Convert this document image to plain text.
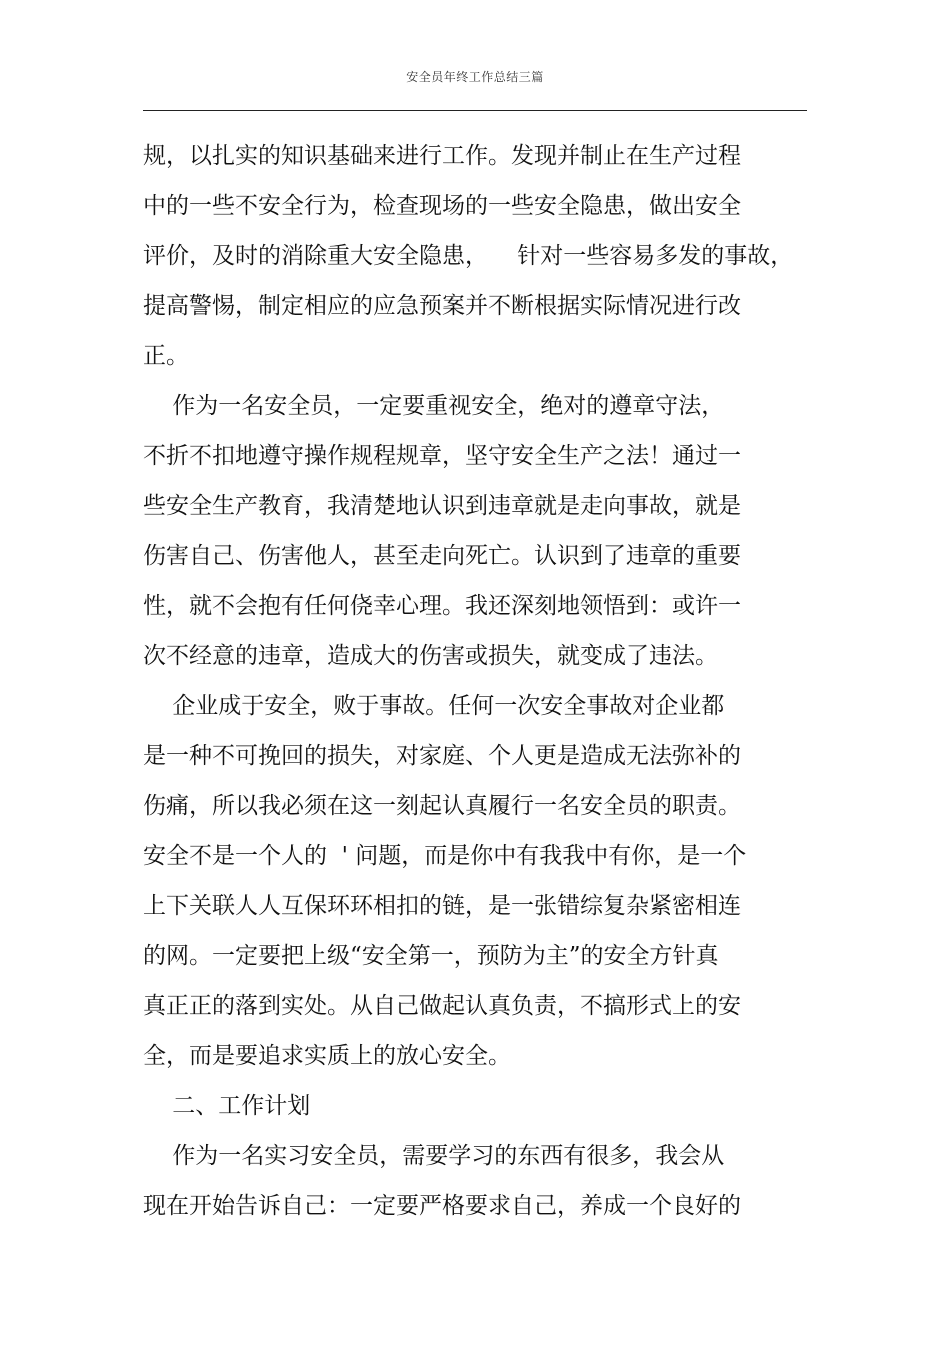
安全员年终工作总结三篇
规，以扎实的知识基础来进行工作。发现并制止在生产过程
中的一些不安全行为，检查现场的一些安全隐患，做出安全
评价，及时的消除重大安全隐患，    针对一些容易多发的事故，
提高警惕，制定相应的应急预案并不断根据实际情况进行改
正。
作为一名安全员，一定要重视安全，绝对的遵章守法，
不折不扣地遵守操作规程规章，坚守安全生产之法！通过一
些安全生产教育，我清楚地认识到违章就是走向事故，就是
伤害自己、伤害他人，甚至走向死亡。认识到了违章的重要
性，就不会抱有任何侥幸心理。我还深刻地领悟到：或许一
次不经意的违章，造成大的伤害或损失，就变成了违法。
企业成于安全，败于事故。任何一次安全事故对企业都
是一种不可挽回的损失，对家庭、个人更是造成无法弥补的
伤痛，所以我必须在这一刻起认真履行一名安全员的职责。
安全不是一个人的  ' 问题，而是你中有我我中有你，是一个
上下关联人人互保环环相扣的链，是一张错综复杂紧密相连
的网。一定要把上级“安全第一，预防为主”的安全方针真
真正正的落到实处。从自己做起认真负责，不搞形式上的安
全，而是要追求实质上的放心安全。
二、工作计划
作为一名实习安全员，需要学习的东西有很多，我会从
现在开始告诉自己：一定要严格要求自己，养成一个良好的
